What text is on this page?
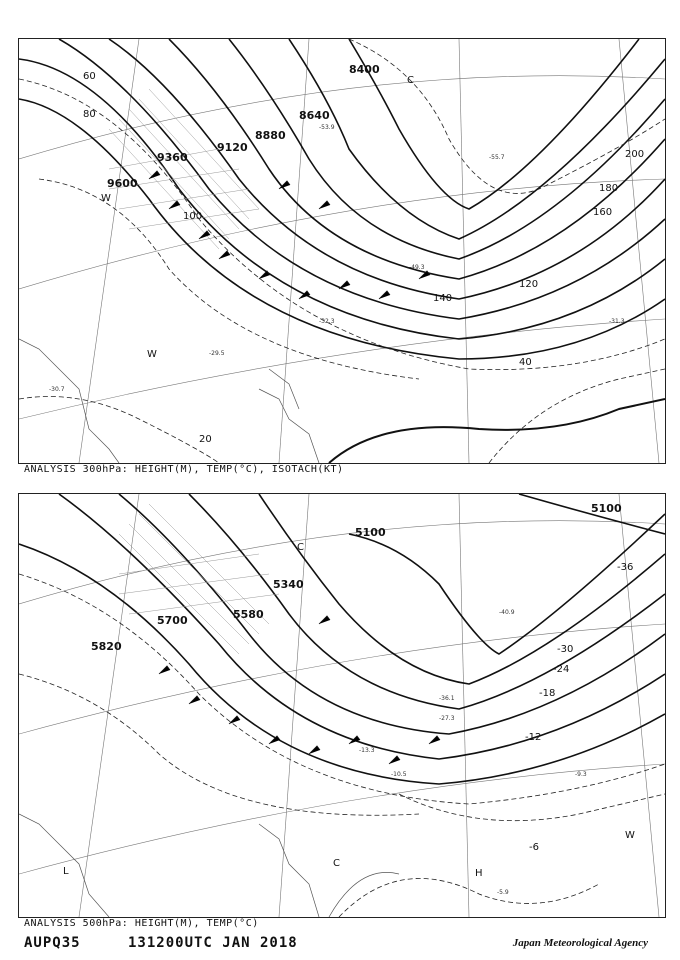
-53.9
-55.7
-49.3
8400
8640
8880
9120
9360
9600
60
80
100
120
140
160
180
200
20
40
-29.5
-30.7
-32.3	-31.3
C
W
W
ANALYSIS 300hPa: HEIGHT(M), TEMP(°C), ISOTACH(KT)
5100
5100
5340
5580
5700
5820
-36
-30
-24
-18
-12
-6
-40.9
-36.1
-27.3
-13.3
-10.5	-9.3
-5.9
C
C
L	H
W
ANALYSIS 500hPa: HEIGHT(M), TEMP(°C)
AUPQ35	131200UTC JAN 2018	Japan Meteorological Agency
